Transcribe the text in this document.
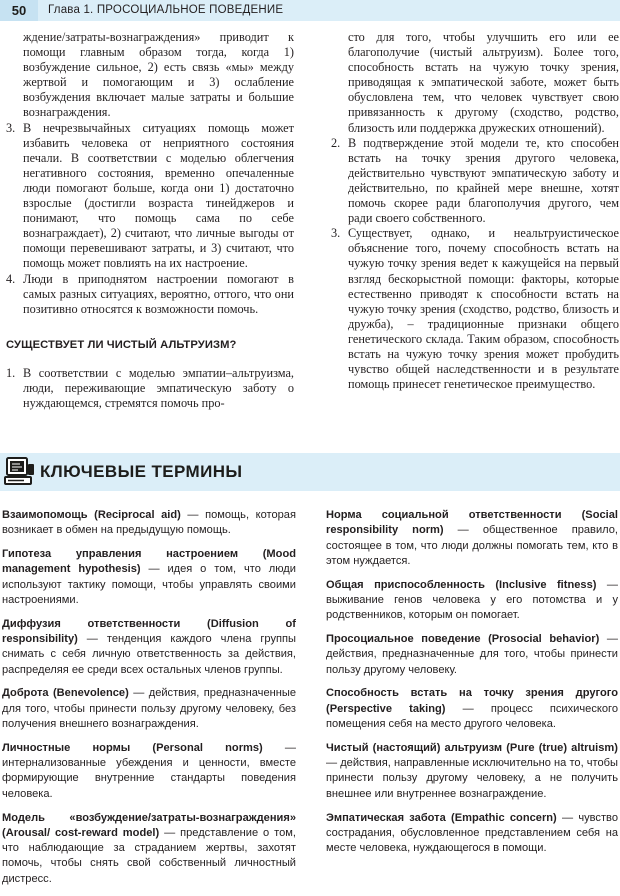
50	Глава 1. ПРОСОЦИАЛЬНОЕ ПОВЕДЕНИЕ

ждение/затраты-вознаграждения» приводит к помощи главным образом тогда, когда 1) возбуждение сильное, 2) есть связь «мы» между жертвой и помогающим и 3) ослабление возбуждения включает малые затраты и большие вознаграждения.

3. В нечрезвычайных ситуациях помощь может избавить человека от неприятного состояния печали. В соответствии с моделью облегчения негативного состояния, временно опечаленные люди помогают больше, когда они 1) достаточно взрослые (достигли возраста тинейджеров и понимают, что помощь сама по себе вознаграждает), 2) считают, что личные выгоды от помощи перевешивают затраты, и 3) считают, что помощь может повлиять на их настроение.
4. Люди в приподнятом настроении помогают в самых разных ситуациях, вероятно, оттого, что они позитивно относятся к возможности помочь.
СУЩЕСТВУЕТ ЛИ ЧИСТЫЙ АЛЬТРУИЗМ?
1. В соответствии с моделью эмпатии–альтруизма, люди, переживающие эмпатическую заботу о нуждающемся, стремятся помочь про-

сто для того, чтобы улучшить его или ее благополучие (чистый альтруизм). Более того, способность встать на чужую точку зрения, приводящая к эмпатической заботе, может быть обусловлена тем, что человек чувствует свою привязанность к другому (сходство, родство, близость или поддержка дружеских отношений).

2. В подтверждение этой модели те, кто способен встать на точку зрения другого человека, действительно чувствуют эмпатическую заботу и действительно, по крайней мере внешне, хотят помочь скорее ради благополучия другого, чем ради своего собственного.
3. Существует, однако, и неальтруистическое объяснение того, почему способность встать на чужую точку зрения ведет к кажущейся на первый взгляд бескорыстной помощи: факторы, которые естественно приводят к способности встать на чужую точку зрения (сходство, родство, близость и дружба), – традиционные признаки общего генетического склада. Таким образом, способность встать на чужую точку зрения может пробудить чувство общей наследственности и в результате помощь принесет генетическое преимущество.
КЛЮЧЕВЫЕ ТЕРМИНЫ

Взаимопомощь (Reciprocal aid) — помощь, которая возникает в обмен на предыдущую помощь.

Гипотеза управления настроением (Mood management hypothesis) — идея о том, что люди используют тактику помощи, чтобы управлять своими настроениями.

Диффузия ответственности (Diffusion of responsibility) — тенденция каждого члена группы снимать с себя личную ответственность за действия, распределяя ее среди всех остальных членов группы.

Доброта (Benevolence) — действия, предназначенные для того, чтобы принести пользу другому человеку, без получения внешнего вознаграждения.

Личностные нормы (Personal norms) — интернализованные убеждения и ценности, вместе формирующие внутренние стандарты поведения человека.

Модель «возбуждение/затраты-вознаграждения» (Arousal/ cost-reward model) — представление о том, что наблюдающие за страданием жертвы, захотят помочь, чтобы снять свой собственный личностный дистресс.

Норма социальной ответственности (Social responsibility norm) — общественное правило, состоящее в том, что люди должны помогать тем, кто в этом нуждается.

Общая приспособленность (Inclusive fitness) — выживание генов человека у его потомства и у родственников, которым он помогает.

Просоциальное поведение (Prosocial behavior) — действия, предназначенные для того, чтобы принести пользу другому человеку.

Способность встать на точку зрения другого (Perspective taking) — процесс психического помещения себя на место другого человека.

Чистый (настоящий) альтруизм (Pure (true) altruism) — действия, направленные исключительно на то, чтобы принести пользу другому человеку, а не получить внешнее или внутреннее вознаграждение.

Эмпатическая забота (Empathic concern) — чувство сострадания, обусловленное представлением себя на месте человека, нуждающегося в помощи.
